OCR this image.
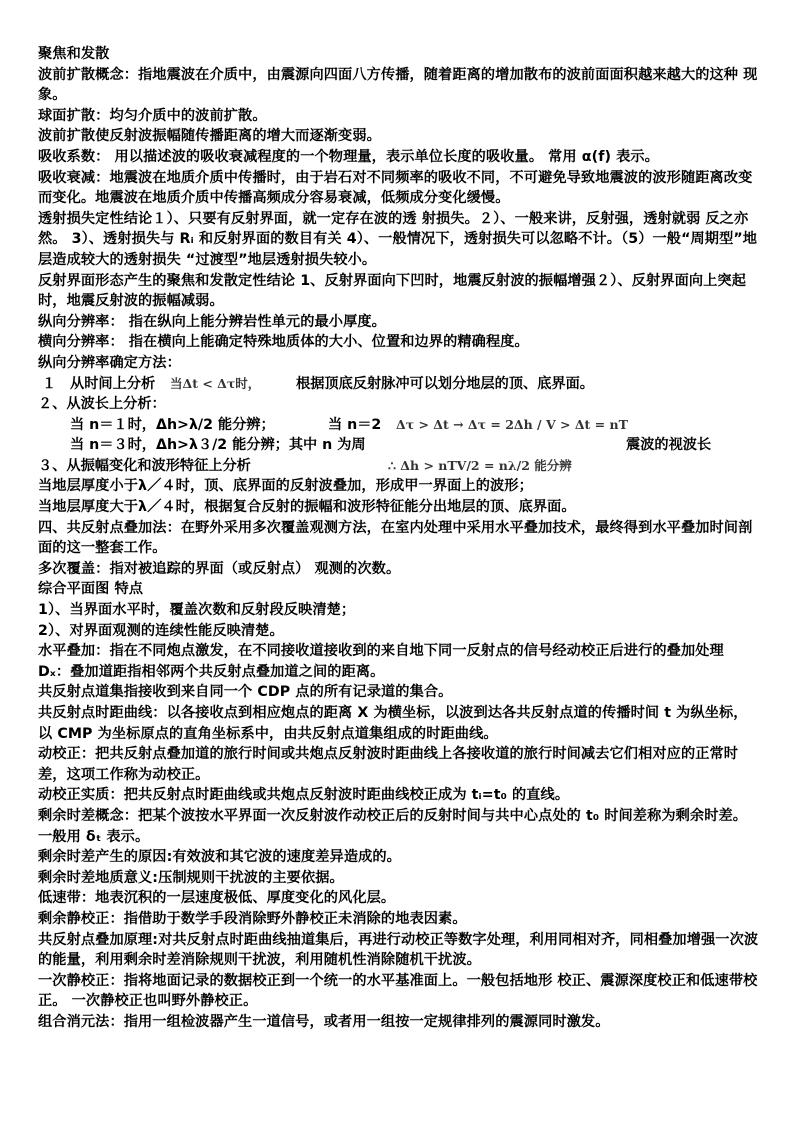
聚焦和发散
波前扩散概念：指地震波在介质中，由震源向四面八方传播，随着距离的增加散布的波前面面积越来越大的这种 现象。
球面扩散：均匀介质中的波前扩散。
波前扩散使反射波振幅随传播距离的增大而逐渐变弱。
吸收系数： 用以描述波的吸收衰减程度的一个物理量，表示单位长度的吸收量。 常用 α(f) 表示。
吸收衰减：地震波在地质介质中传播时，由于岩石对不同频率的吸收不同，不可避免导致地震波的波形随距离改变而变化。地震波在地质介质中传播高频成分容易衰减，低频成分变化缓慢。
透射损失定性结论１）、只要有反射界面，就一定存在波的透 射损失。２）、一般来讲，反射强，透射就弱 反之亦然。 3）、透射损失与 Rᵢ 和反射界面的数目有关 4）、一般情况下，透射损失可以忽略不计。（5）一般“周期型”地层造成较大的透射损失 “过渡型”地层透射损失较小。
反射界面形态产生的聚焦和发散定性结论 1、反射界面向下凹时，地震反射波的振幅增强２）、反射界面向上突起时，地震反射波的振幅减弱。
纵向分辨率： 指在纵向上能分辨岩性单元的最小厚度。
横向分辨率： 指在横向上能确定特殊地质体的大小、位置和边界的精确程度。
纵向分辨率确定方法：
１ 从时间上分析 当Δt < Δτ时，	根据顶底反射脉冲可以划分地层的顶、底界面。
２、从波长上分析：
当 n＝１时，Δh>λ/2 能分辨；	当 n＝2 Δτ > Δt → Δτ = 2Δh / V > Δt = nT
当 n＝３时，Δh>λ３/2 能分辨；其中 n 为周	震波的视波长
３、从振幅变化和波形特征上分析	∴ Δh > nTV/2 = nλ/2 能分辨
当地层厚度小于λ／４时，顶、底界面的反射波叠加，形成甲一界面上的波形；
当地层厚度大于λ／４时，根据复合反射的振幅和波形特征能分出地层的顶、底界面。
四、共反射点叠加法：在野外采用多次覆盖观测方法，在室内处理中采用水平叠加技术，最终得到水平叠加时间剖面的这一整套工作。
多次覆盖：指对被追踪的界面（或反射点） 观测的次数。
综合平面图 特点
1）、当界面水平时，覆盖次数和反射段反映清楚；
2）、对界面观测的连续性能反映清楚。
水平叠加：指在不同炮点激发，在不同接收道接收到的来自地下同一反射点的信号经动校正后进行的叠加处理
Dₓ：叠加道距指相邻两个共反射点叠加道之间的距离。
共反射点道集指接收到来自同一个 CDP 点的所有记录道的集合。
共反射点时距曲线：以各接收点到相应炮点的距离 X 为横坐标，以波到达各共反射点道的传播时间 t 为纵坐标，以 CMP 为坐标原点的直角坐标系中，由共反射点道集组成的时距曲线。
动校正：把共反射点叠加道的旅行时间或共炮点反射波时距曲线上各接收道的旅行时间减去它们相对应的正常时差，这项工作称为动校正。
动校正实质：把共反射点时距曲线或共炮点反射波时距曲线校正成为 tᵢ=t₀ 的直线。
剩余时差概念：把某个波按水平界面一次反射波作动校正后的反射时间与共中心点处的 t₀ 时间差称为剩余时差。一般用 δₜ 表示。
剩余时差产生的原因:有效波和其它波的速度差异造成的。
剩余时差地质意义:压制规则干扰波的主要依据。
低速带：地表沉积的一层速度极低、厚度变化的风化层。
剩余静校正：指借助于数学手段消除野外静校正未消除的地表因素。
共反射点叠加原理:对共反射点时距曲线抽道集后，再进行动校正等数字处理，利用同相对齐，同相叠加增强一次波的能量，利用剩余时差消除规则干扰波，利用随机性消除随机干扰波。
一次静校正：指将地面记录的数据校正到一个统一的水平基准面上。一般包括地形 校正、震源深度校正和低速带校正。 一次静校正也叫野外静校正。
组合消元法：指用一组检波器产生一道信号，或者用一组按一定规律排列的震源同时激发。
